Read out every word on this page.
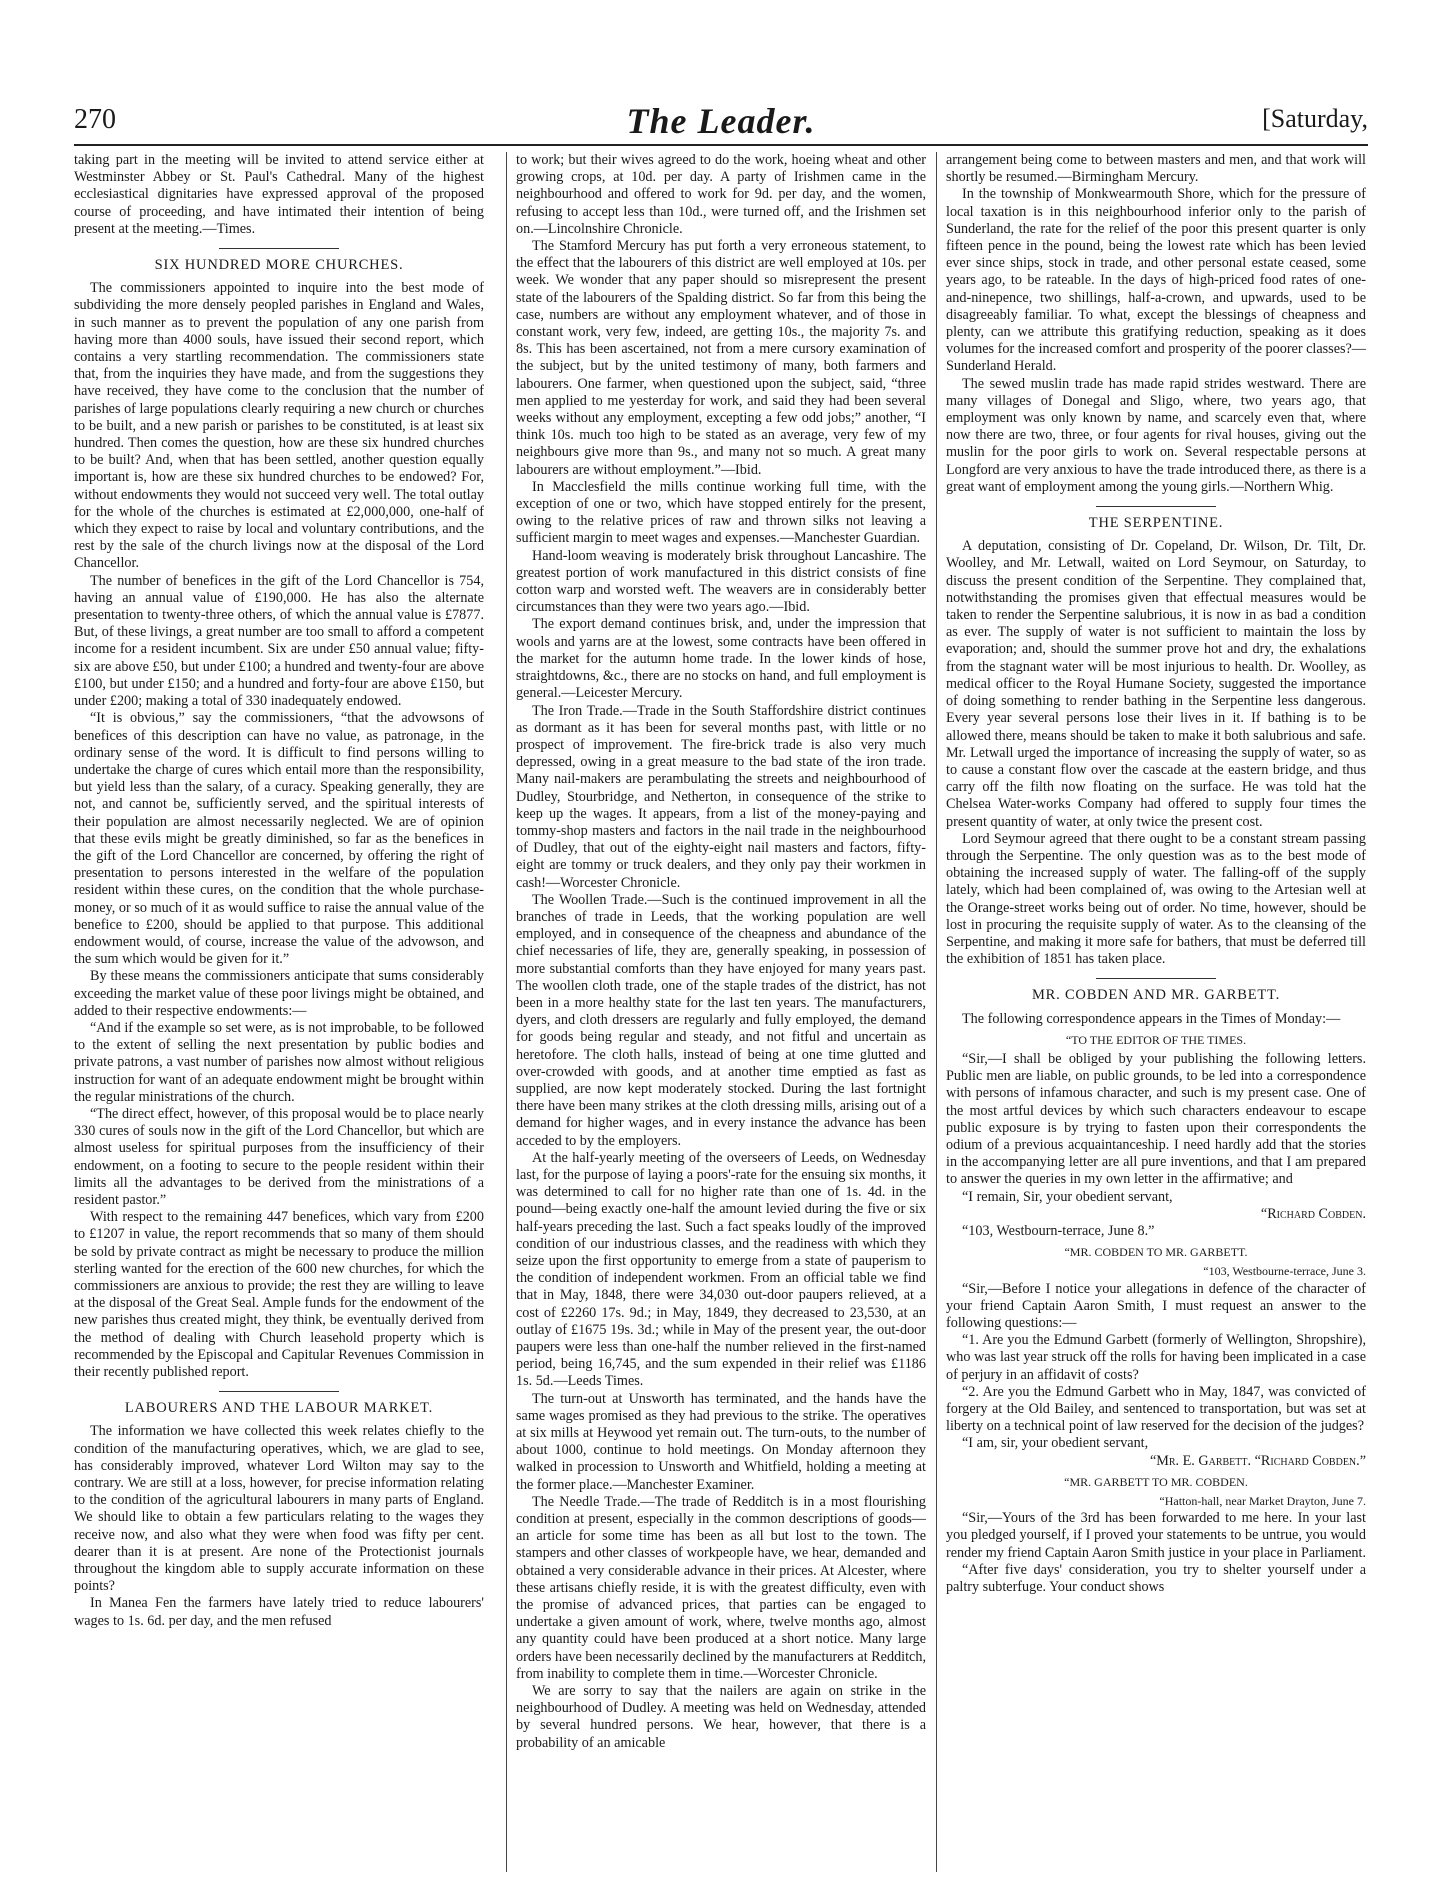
270	The Leader.	[Saturday,

taking part in the meeting will be invited to attend service either at Westminster Abbey or St. Paul's Cathedral. Many of the highest ecclesiastical dignitaries have expressed approval of the proposed course of proceeding, and have intimated their intention of being present at the meeting.—Times.

SIX HUNDRED MORE CHURCHES.

The commissioners appointed to inquire into the best mode of subdividing the more densely peopled parishes in England and Wales, in such manner as to prevent the population of any one parish from having more than 4000 souls, have issued their second report, which contains a very startling recommendation. The commissioners state that, from the inquiries they have made, and from the suggestions they have received, they have come to the conclusion that the number of parishes of large populations clearly requiring a new church or churches to be built, and a new parish or parishes to be constituted, is at least six hundred. Then comes the question, how are these six hundred churches to be built? And, when that has been settled, another question equally important is, how are these six hundred churches to be endowed? For, without endowments they would not succeed very well. The total outlay for the whole of the churches is estimated at £2,000,000, one-half of which they expect to raise by local and voluntary contributions, and the rest by the sale of the church livings now at the disposal of the Lord Chancellor.

The number of benefices in the gift of the Lord Chancellor is 754, having an annual value of £190,000. He has also the alternate presentation to twenty-three others, of which the annual value is £7877. But, of these livings, a great number are too small to afford a competent income for a resident incumbent. Six are under £50 annual value; fifty-six are above £50, but under £100; a hundred and twenty-four are above £100, but under £150; and a hundred and forty-four are above £150, but under £200; making a total of 330 inadequately endowed.

“It is obvious,” say the commissioners, “that the advowsons of benefices of this description can have no value, as patronage, in the ordinary sense of the word. It is difficult to find persons willing to undertake the charge of cures which entail more than the responsibility, but yield less than the salary, of a curacy. Speaking generally, they are not, and cannot be, sufficiently served, and the spiritual interests of their population are almost necessarily neglected. We are of opinion that these evils might be greatly diminished, so far as the benefices in the gift of the Lord Chancellor are concerned, by offering the right of presentation to persons interested in the welfare of the population resident within these cures, on the condition that the whole purchase-money, or so much of it as would suffice to raise the annual value of the benefice to £200, should be applied to that purpose. This additional endowment would, of course, increase the value of the advowson, and the sum which would be given for it.”

By these means the commissioners anticipate that sums considerably exceeding the market value of these poor livings might be obtained, and added to their respective endowments:—

“And if the example so set were, as is not improbable, to be followed to the extent of selling the next presentation by public bodies and private patrons, a vast number of parishes now almost without religious instruction for want of an adequate endowment might be brought within the regular ministrations of the church.

“The direct effect, however, of this proposal would be to place nearly 330 cures of souls now in the gift of the Lord Chancellor, but which are almost useless for spiritual purposes from the insufficiency of their endowment, on a footing to secure to the people resident within their limits all the advantages to be derived from the ministrations of a resident pastor.”

With respect to the remaining 447 benefices, which vary from £200 to £1207 in value, the report recommends that so many of them should be sold by private contract as might be necessary to produce the million sterling wanted for the erection of the 600 new churches, for which the commissioners are anxious to provide; the rest they are willing to leave at the disposal of the Great Seal. Ample funds for the endowment of the new parishes thus created might, they think, be eventually derived from the method of dealing with Church leasehold property which is recommended by the Episcopal and Capitular Revenues Commission in their recently published report.

LABOURERS AND THE LABOUR MARKET.

The information we have collected this week relates chiefly to the condition of the manufacturing operatives, which, we are glad to see, has considerably improved, whatever Lord Wilton may say to the contrary. We are still at a loss, however, for precise information relating to the condition of the agricultural labourers in many parts of England. We should like to obtain a few particulars relating to the wages they receive now, and also what they were when food was fifty per cent. dearer than it is at present. Are none of the Protectionist journals throughout the kingdom able to supply accurate information on these points?

In Manea Fen the farmers have lately tried to reduce labourers' wages to 1s. 6d. per day, and the men refused

to work; but their wives agreed to do the work, hoeing wheat and other growing crops, at 10d. per day. A party of Irishmen came in the neighbourhood and offered to work for 9d. per day, and the women, refusing to accept less than 10d., were turned off, and the Irishmen set on.—Lincolnshire Chronicle.

The Stamford Mercury has put forth a very erroneous statement, to the effect that the labourers of this district are well employed at 10s. per week. We wonder that any paper should so misrepresent the present state of the labourers of the Spalding district. So far from this being the case, numbers are without any employment whatever, and of those in constant work, very few, indeed, are getting 10s., the majority 7s. and 8s. This has been ascertained, not from a mere cursory examination of the subject, but by the united testimony of many, both farmers and labourers. One farmer, when questioned upon the subject, said, “three men applied to me yesterday for work, and said they had been several weeks without any employment, excepting a few odd jobs;” another, “I think 10s. much too high to be stated as an average, very few of my neighbours give more than 9s., and many not so much. A great many labourers are without employment.”—Ibid.

In Macclesfield the mills continue working full time, with the exception of one or two, which have stopped entirely for the present, owing to the relative prices of raw and thrown silks not leaving a sufficient margin to meet wages and expenses.—Manchester Guardian.

Hand-loom weaving is moderately brisk throughout Lancashire. The greatest portion of work manufactured in this district consists of fine cotton warp and worsted weft. The weavers are in considerably better circumstances than they were two years ago.—Ibid.

The export demand continues brisk, and, under the impression that wools and yarns are at the lowest, some contracts have been offered in the market for the autumn home trade. In the lower kinds of hose, straightdowns, &c., there are no stocks on hand, and full employment is general.—Leicester Mercury.

The Iron Trade.—Trade in the South Staffordshire district continues as dormant as it has been for several months past, with little or no prospect of improvement. The fire-brick trade is also very much depressed, owing in a great measure to the bad state of the iron trade. Many nail-makers are perambulating the streets and neighbourhood of Dudley, Stourbridge, and Netherton, in consequence of the strike to keep up the wages. It appears, from a list of the money-paying and tommy-shop masters and factors in the nail trade in the neighbourhood of Dudley, that out of the eighty-eight nail masters and factors, fifty-eight are tommy or truck dealers, and they only pay their workmen in cash!—Worcester Chronicle.

The Woollen Trade.—Such is the continued improvement in all the branches of trade in Leeds, that the working population are well employed, and in consequence of the cheapness and abundance of the chief necessaries of life, they are, generally speaking, in possession of more substantial comforts than they have enjoyed for many years past. The woollen cloth trade, one of the staple trades of the district, has not been in a more healthy state for the last ten years. The manufacturers, dyers, and cloth dressers are regularly and fully employed, the demand for goods being regular and steady, and not fitful and uncertain as heretofore. The cloth halls, instead of being at one time glutted and over-crowded with goods, and at another time emptied as fast as supplied, are now kept moderately stocked. During the last fortnight there have been many strikes at the cloth dressing mills, arising out of a demand for higher wages, and in every instance the advance has been acceded to by the employers.

At the half-yearly meeting of the overseers of Leeds, on Wednesday last, for the purpose of laying a poors'-rate for the ensuing six months, it was determined to call for no higher rate than one of 1s. 4d. in the pound—being exactly one-half the amount levied during the five or six half-years preceding the last. Such a fact speaks loudly of the improved condition of our industrious classes, and the readiness with which they seize upon the first opportunity to emerge from a state of pauperism to the condition of independent workmen. From an official table we find that in May, 1848, there were 34,030 out-door paupers relieved, at a cost of £2260 17s. 9d.; in May, 1849, they decreased to 23,530, at an outlay of £1675 19s. 3d.; while in May of the present year, the out-door paupers were less than one-half the number relieved in the first-named period, being 16,745, and the sum expended in their relief was £1186 1s. 5d.—Leeds Times.

The turn-out at Unsworth has terminated, and the hands have the same wages promised as they had previous to the strike. The operatives at six mills at Heywood yet remain out. The turn-outs, to the number of about 1000, continue to hold meetings. On Monday afternoon they walked in procession to Unsworth and Whitfield, holding a meeting at the former place.—Manchester Examiner.

The Needle Trade.—The trade of Redditch is in a most flourishing condition at present, especially in the common descriptions of goods—an article for some time has been as all but lost to the town. The stampers and other classes of workpeople have, we hear, demanded and obtained a very considerable advance in their prices. At Alcester, where these artisans chiefly reside, it is with the greatest difficulty, even with the promise of advanced prices, that parties can be engaged to undertake a given amount of work, where, twelve months ago, almost any quantity could have been produced at a short notice. Many large orders have been necessarily declined by the manufacturers at Redditch, from inability to complete them in time.—Worcester Chronicle.

We are sorry to say that the nailers are again on strike in the neighbourhood of Dudley. A meeting was held on Wednesday, attended by several hundred persons. We hear, however, that there is a probability of an amicable

arrangement being come to between masters and men, and that work will shortly be resumed.—Birmingham Mercury.

In the township of Monkwearmouth Shore, which for the pressure of local taxation is in this neighbourhood inferior only to the parish of Sunderland, the rate for the relief of the poor this present quarter is only fifteen pence in the pound, being the lowest rate which has been levied ever since ships, stock in trade, and other personal estate ceased, some years ago, to be rateable. In the days of high-priced food rates of one-and-ninepence, two shillings, half-a-crown, and upwards, used to be disagreeably familiar. To what, except the blessings of cheapness and plenty, can we attribute this gratifying reduction, speaking as it does volumes for the increased comfort and prosperity of the poorer classes?—Sunderland Herald.

The sewed muslin trade has made rapid strides westward. There are many villages of Donegal and Sligo, where, two years ago, that employment was only known by name, and scarcely even that, where now there are two, three, or four agents for rival houses, giving out the muslin for the poor girls to work on. Several respectable persons at Longford are very anxious to have the trade introduced there, as there is a great want of employment among the young girls.—Northern Whig.

THE SERPENTINE.

A deputation, consisting of Dr. Copeland, Dr. Wilson, Dr. Tilt, Dr. Woolley, and Mr. Letwall, waited on Lord Seymour, on Saturday, to discuss the present condition of the Serpentine. They complained that, notwithstanding the promises given that effectual measures would be taken to render the Serpentine salubrious, it is now in as bad a condition as ever. The supply of water is not sufficient to maintain the loss by evaporation; and, should the summer prove hot and dry, the exhalations from the stagnant water will be most injurious to health. Dr. Woolley, as medical officer to the Royal Humane Society, suggested the importance of doing something to render bathing in the Serpentine less dangerous. Every year several persons lose their lives in it. If bathing is to be allowed there, means should be taken to make it both salubrious and safe. Mr. Letwall urged the importance of increasing the supply of water, so as to cause a constant flow over the cascade at the eastern bridge, and thus carry off the filth now floating on the surface. He was told hat the Chelsea Water-works Company had offered to supply four times the present quantity of water, at only twice the present cost.

Lord Seymour agreed that there ought to be a constant stream passing through the Serpentine. The only question was as to the best mode of obtaining the increased supply of water. The falling-off of the supply lately, which had been complained of, was owing to the Artesian well at the Orange-street works being out of order. No time, however, should be lost in procuring the requisite supply of water. As to the cleansing of the Serpentine, and making it more safe for bathers, that must be deferred till the exhibition of 1851 has taken place.

MR. COBDEN AND MR. GARBETT.

The following correspondence appears in the Times of Monday:—

“TO THE EDITOR OF THE TIMES.

“Sir,—I shall be obliged by your publishing the following letters. Public men are liable, on public grounds, to be led into a correspondence with persons of infamous character, and such is my present case. One of the most artful devices by which such characters endeavour to escape public exposure is by trying to fasten upon their correspondents the odium of a previous acquaintanceship. I need hardly add that the stories in the accompanying letter are all pure inventions, and that I am prepared to answer the queries in my own letter in the affirmative; and

“I remain, Sir, your obedient servant,

“Richard Cobden.

“103, Westbourn-terrace, June 8.”

“MR. COBDEN TO MR. GARBETT.

“103, Westbourne-terrace, June 3.

“Sir,—Before I notice your allegations in defence of the character of your friend Captain Aaron Smith, I must request an answer to the following questions:—

“1. Are you the Edmund Garbett (formerly of Wellington, Shropshire), who was last year struck off the rolls for having been implicated in a case of perjury in an affidavit of costs?

“2. Are you the Edmund Garbett who in May, 1847, was convicted of forgery at the Old Bailey, and sentenced to transportation, but was set at liberty on a technical point of law reserved for the decision of the judges?

“I am, sir, your obedient servant,

“Mr. E. Garbett. “Richard Cobden.”

“MR. GARBETT TO MR. COBDEN.

“Hatton-hall, near Market Drayton, June 7.

“Sir,—Yours of the 3rd has been forwarded to me here. In your last you pledged yourself, if I proved your statements to be untrue, you would render my friend Captain Aaron Smith justice in your place in Parliament.

“After five days' consideration, you try to shelter yourself under a paltry subterfuge. Your conduct shows
